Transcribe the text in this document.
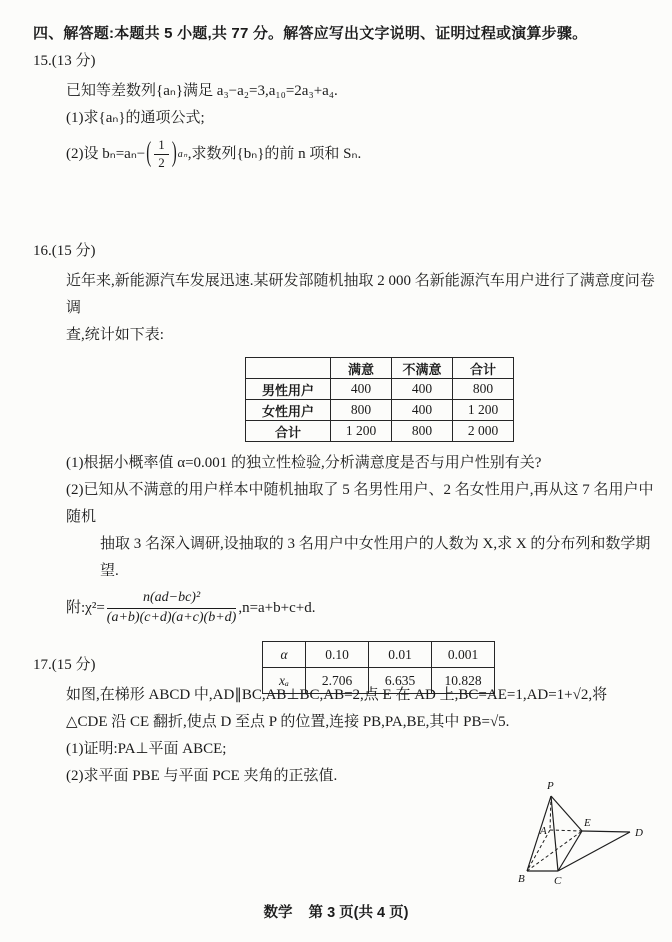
四、解答题:本题共 5 小题,共 77 分。解答应写出文字说明、证明过程或演算步骤。
15.(13 分)
已知等差数列{aₙ}满足 a₃−a₂=3,a₁₀=2a₃+a₄.
(1)求{aₙ}的通项公式;
(2)设 bₙ=aₙ− ( $\frac{1}{2}$ ) aₙ ,求数列{bₙ}的前 n 项和 Sₙ.
16.(15 分)
近年来,新能源汽车发展迅速.某研发部随机抽取 2 000 名新能源汽车用户进行了满意度问卷调
查,统计如下表:
	满意	不满意	合计
男性用户	400	400	800
女性用户	800	400	1 200
合计	1 200	800	2 000
(1)根据小概率值 α=0.001 的独立性检验,分析满意度是否与用户性别有关?
(2)已知从不满意的用户样本中随机抽取了 5 名男性用户、2 名女性用户,再从这 7 名用户中随机
抽取 3 名深入调研,设抽取的 3 名用户中女性用户的人数为 X,求 X 的分布列和数学期望.
附:χ²= $\frac{\text{n(ad−bc)²}}{(a+b)(c+d)(a+c)(b+d)} ,n=a+b+c+d$.
α	0.10	0.01	0.001
xₐ	2.706	6.635	10.828
17.(15 分)
如图,在梯形 ABCD 中,AD∥BC,AB⊥BC,AB=2,点 E 在 AD 上,BC=AE=1,AD=1+√2,将
△CDE 沿 CE 翻折,使点 D 至点 P 的位置,连接 PB,PA,BE,其中 PB=√5.
(1)证明:PA⊥平面 ABCE;
(2)求平面 PBE 与平面 PCE 夹角的正弦值.
P
A
E
D
B	C
数学 第 3 页(共 4 页)
